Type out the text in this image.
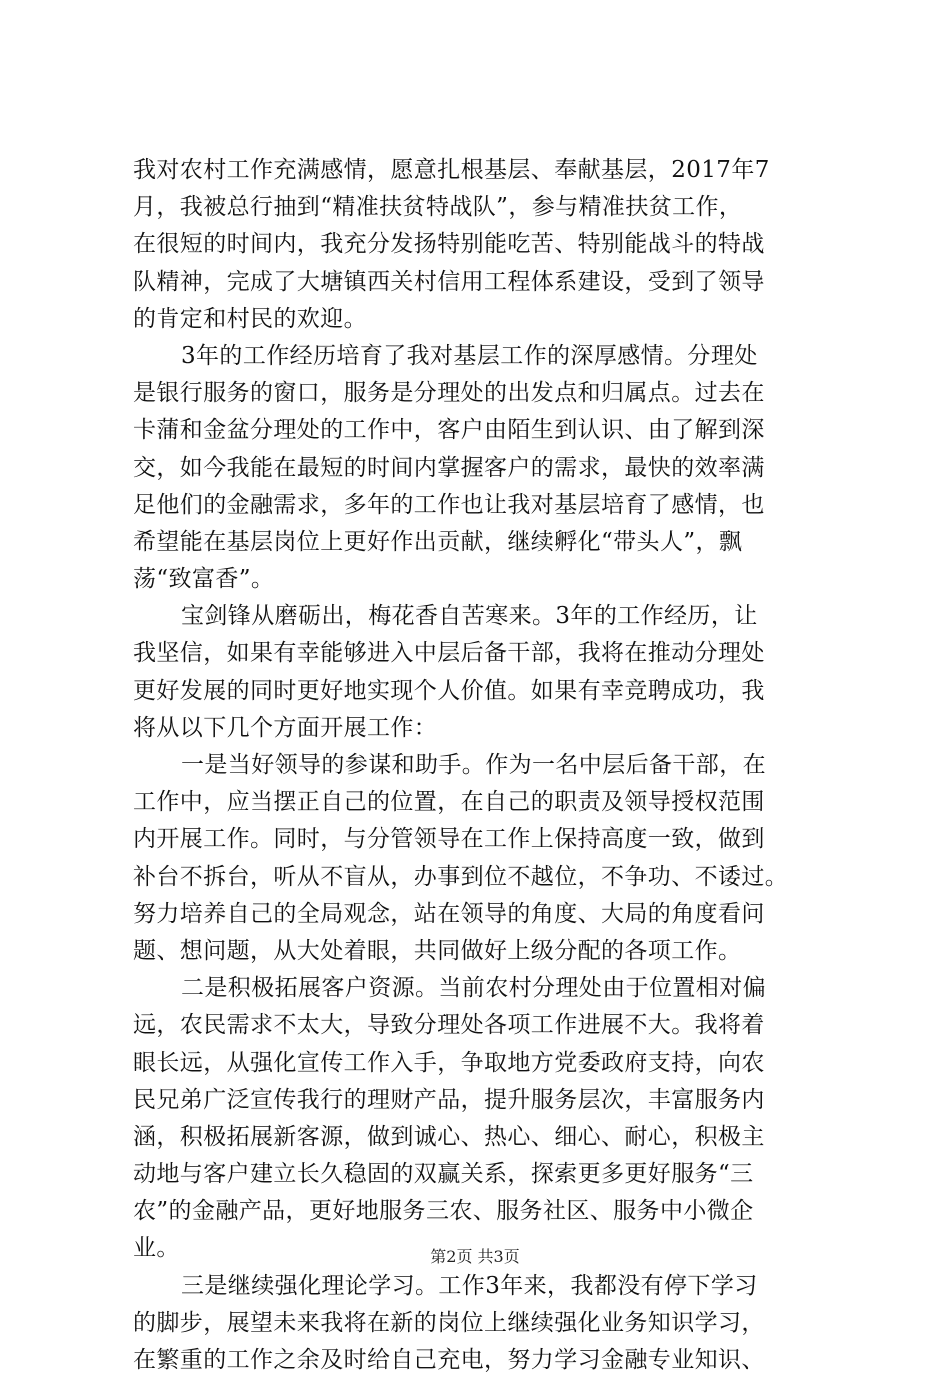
我对农村工作充满感情，愿意扎根基层、奉献基层，2017年7
月，我被总行抽到“精准扶贫特战队”，参与精准扶贫工作，
在很短的时间内，我充分发扬特别能吃苦、特别能战斗的特战
队精神，完成了大塘镇西关村信用工程体系建设，受到了领导
的肯定和村民的欢迎。
3年的工作经历培育了我对基层工作的深厚感情。分理处
是银行服务的窗口，服务是分理处的出发点和归属点。过去在
卡蒲和金盆分理处的工作中，客户由陌生到认识、由了解到深
交，如今我能在最短的时间内掌握客户的需求，最快的效率满
足他们的金融需求，多年的工作也让我对基层培育了感情，也
希望能在基层岗位上更好作出贡献，继续孵化“带头人”，飘
荡“致富香”。
宝剑锋从磨砺出，梅花香自苦寒来。3年的工作经历，让
我坚信，如果有幸能够进入中层后备干部，我将在推动分理处
更好发展的同时更好地实现个人价值。如果有幸竞聘成功，我
将从以下几个方面开展工作：
一是当好领导的参谋和助手。作为一名中层后备干部，在
工作中，应当摆正自己的位置，在自己的职责及领导授权范围
内开展工作。同时，与分管领导在工作上保持高度一致，做到
补台不拆台，听从不盲从，办事到位不越位，不争功、不诿过。
努力培养自己的全局观念，站在领导的角度、大局的角度看问
题、想问题，从大处着眼，共同做好上级分配的各项工作。
二是积极拓展客户资源。当前农村分理处由于位置相对偏
远，农民需求不太大，导致分理处各项工作进展不大。我将着
眼长远，从强化宣传工作入手，争取地方党委政府支持，向农
民兄弟广泛宣传我行的理财产品，提升服务层次，丰富服务内
涵，积极拓展新客源，做到诚心、热心、细心、耐心，积极主
动地与客户建立长久稳固的双赢关系，探索更多更好服务“三
农”的金融产品，更好地服务三农、服务社区、服务中小微企
业。
三是继续强化理论学习。工作3年来，我都没有停下学习
的脚步，展望未来我将在新的岗位上继续强化业务知识学习，
在繁重的工作之余及时给自己充电，努力学习金融专业知识、
第2页 共3页
